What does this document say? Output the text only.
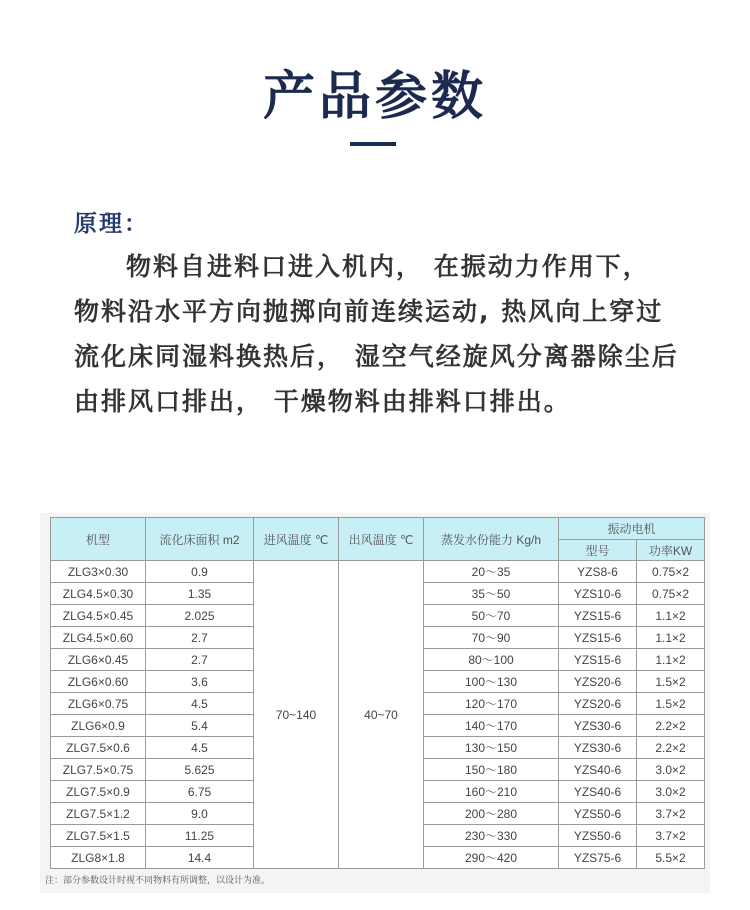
产品参数
原理：
物料自进料口进入机内， 在振动力作用下， 物料沿水平方向抛掷向前连续运动, 热风向上穿过流化床同湿料换热后， 湿空气经旋风分离器除尘后由排风口排出， 干燥物料由排料口排出。
机型	流化床面积 m2	进风温度 ℃	出风温度 ℃	蒸发水份能力 Kg/h	振动电机	
					型号	功率KW
ZLG3×0.30	0.9	70~140	40~70	20～35	YZS8-6	0.75×2
ZLG4.5×0.30	1.35			35～50	YZS10-6	0.75×2
ZLG4.5×0.45	2.025			50～70	YZS15-6	1.1×2
ZLG4.5×0.60	2.7			70～90	YZS15-6	1.1×2
ZLG6×0.45	2.7			80～100	YZS15-6	1.1×2
ZLG6×0.60	3.6			100～130	YZS20-6	1.5×2
ZLG6×0.75	4.5			120～170	YZS20-6	1.5×2
ZLG6×0.9	5.4			140～170	YZS30-6	2.2×2
ZLG7.5×0.6	4.5			130～150	YZS30-6	2.2×2
ZLG7.5×0.75	5.625			150～180	YZS40-6	3.0×2
ZLG7.5×0.9	6.75			160～210	YZS40-6	3.0×2
ZLG7.5×1.2	9.0			200～280	YZS50-6	3.7×2
ZLG7.5×1.5	11.25			230～330	YZS50-6	3.7×2
ZLG8×1.8	14.4			290～420	YZS75-6	5.5×2
注：部分参数设计时视不同物料有所调整，以设计为准。
